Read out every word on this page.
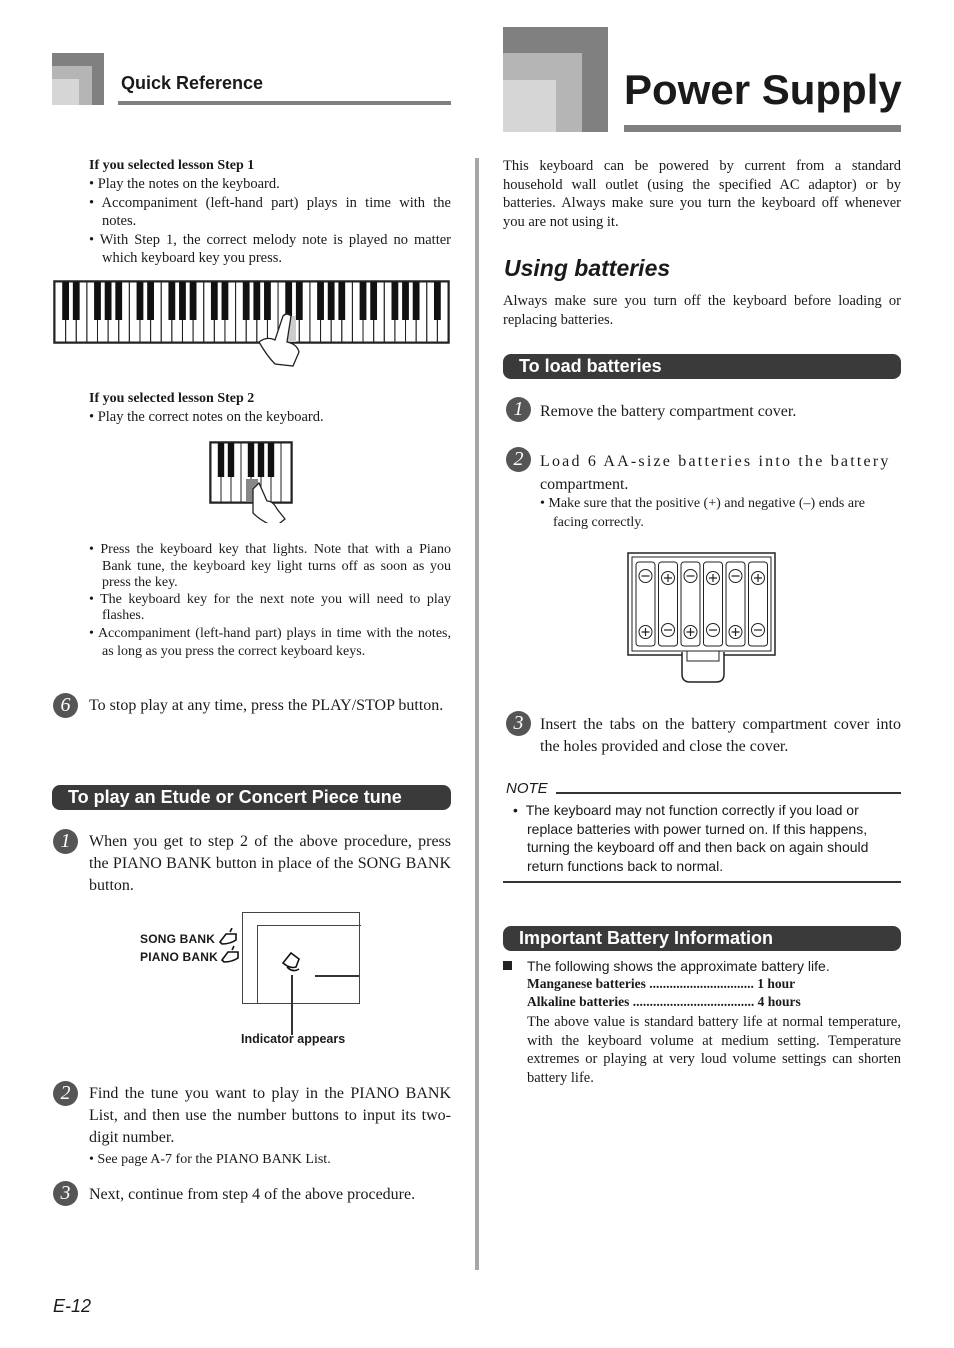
Quick Reference	Power Supply
If you selected lesson Step 1
• Play the notes on the keyboard.
• Accompaniment (left-hand part) plays in time with the notes.
• With Step 1, the correct melody note is played no matter which keyboard key you press.
If you selected lesson Step 2
• Play the correct notes on the keyboard.
• Press the keyboard key that lights. Note that with a Piano Bank tune, the keyboard key light turns off as soon as you press the key.
• The keyboard key for the next note you will need to play flashes.
• Accompaniment (left-hand part) plays in time with the notes, as long as you press the correct keyboard keys.
6	To stop play at any time, press the PLAY/STOP button.
To play an Etude or Concert Piece tune
1	When you get to step 2 of the above procedure, press the PIANO BANK button in place of the SONG BANK button.
SONG BANK
PIANO BANK
Indicator appears
2	Find the tune you want to play in the PIANO BANK List, and then use the number buttons to input its two-digit number.
• See page A-7 for the PIANO BANK List.
3	Next, continue from step 4 of the above procedure.
E-12
This keyboard can be powered by current from a standard household wall outlet (using the specified AC adaptor) or by batteries. Always make sure you turn the keyboard off whenever you are not using it.
Using batteries
Always make sure you turn off the keyboard before loading or replacing batteries.
To load batteries
1	Remove the battery compartment cover.
2	Load 6 AA-size batteries into the battery
compartment.
• Make sure that the positive (+) and negative (–) ends are facing correctly.
3	Insert the tabs on the battery compartment cover into the holes provided and close the cover.
NOTE
•  The keyboard may not function correctly if you load or replace batteries with power turned on. If this happens, turning the keyboard off and then back on again should return functions back to normal.
Important Battery Information
The following shows the approximate battery life.
Manganese batteries ............................... 1 hour
Alkaline batteries .................................... 4 hours
The above value is standard battery life at normal temperature, with the keyboard volume at medium setting. Temperature extremes or playing at very loud volume settings can shorten battery life.
